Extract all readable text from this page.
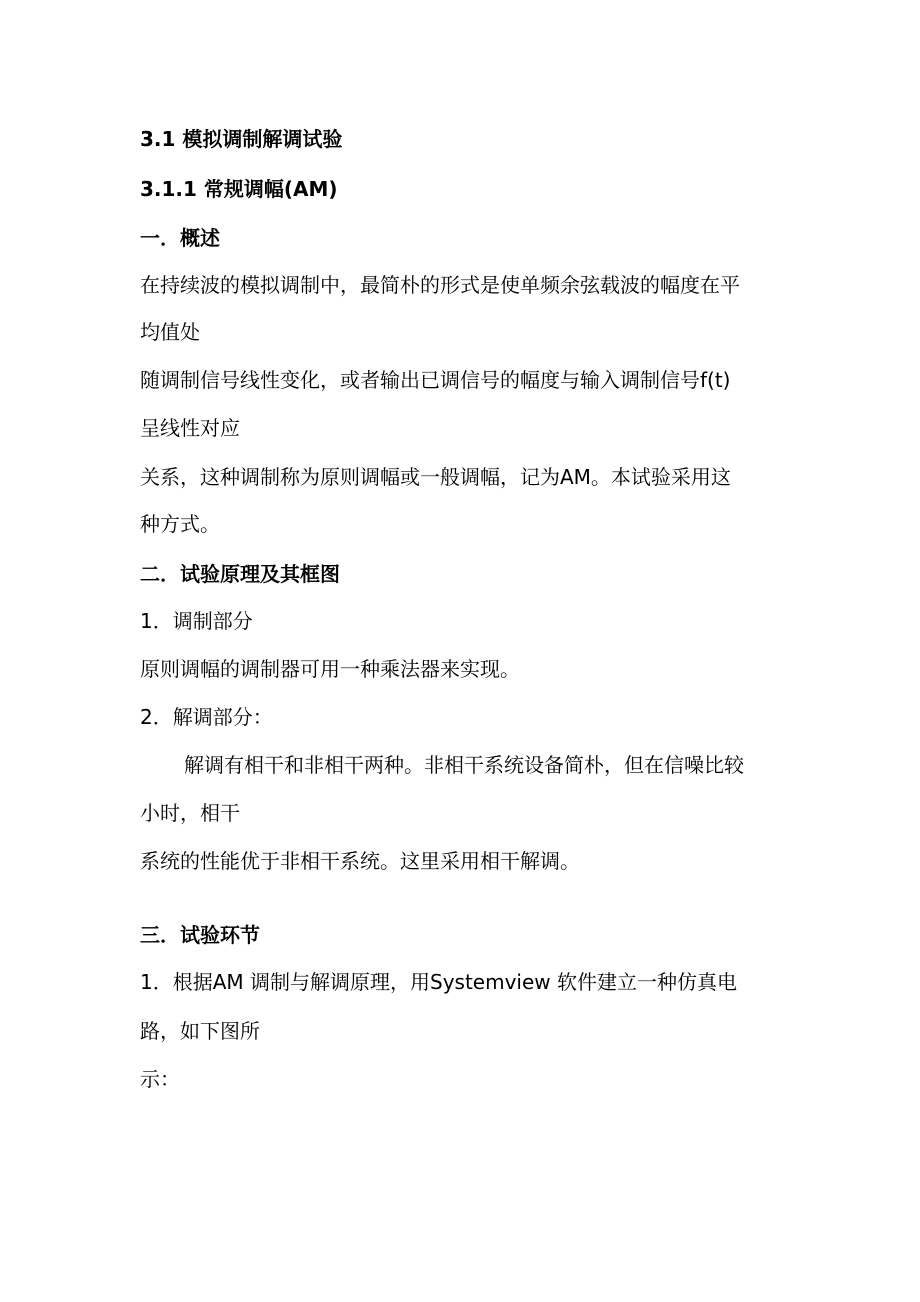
3.1 模拟调制解调试验
3.1.1 常规调幅(AM)
一．概述
在持续波的模拟调制中，最简朴的形式是使单频余弦载波的幅度在平
均值处
随调制信号线性变化，或者输出已调信号的幅度与输入调制信号f(t)
呈线性对应
关系，这种调制称为原则调幅或一般调幅，记为AM。本试验采用这
种方式。
二．试验原理及其框图
1．调制部分
原则调幅的调制器可用一种乘法器来实现。
2．解调部分：
解调有相干和非相干两种。非相干系统设备简朴，但在信噪比较
小时，相干
系统的性能优于非相干系统。这里采用相干解调。
三．试验环节
1．根据AM 调制与解调原理，用Systemview 软件建立一种仿真电
路，如下图所
示：
